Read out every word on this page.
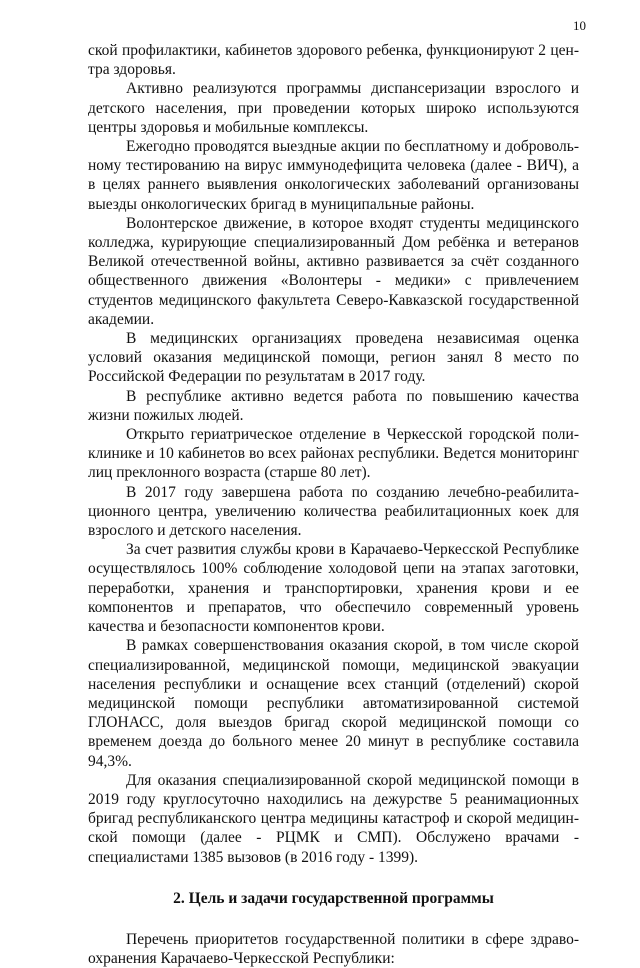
10

ской профилактики, кабинетов здорового ребенка, функционируют 2 центра здоровья.

Активно реализуются программы диспансеризации взрослого и детского населения, при проведении которых широко используются центры здоровья и мобильные комплексы.

Ежегодно проводятся выездные акции по бесплатному и добровольному тестированию на вирус иммунодефицита человека (далее - ВИЧ), а в целях раннего выявления онкологических заболеваний организованы выезды онкологических бригад в муниципальные районы.

Волонтерское движение, в которое входят студенты медицинского колледжа, курирующие специализированный Дом ребёнка и ветеранов Великой отечественной войны, активно развивается за счёт созданного общественного движения «Волонтеры - медики» с привлечением студентов медицинского факультета Северо-Кавказской государственной академии.

В медицинских организациях проведена независимая оценка условий оказания медицинской помощи, регион занял 8 место по Российской Федерации по результатам в 2017 году.

В республике активно ведется работа по повышению качества жизни пожилых людей.

Открыто гериатрическое отделение в Черкесской городской поликлинике и 10 кабинетов во всех районах республики. Ведется мониторинг лиц преклонного возраста (старше 80 лет).

В 2017 году завершена работа по созданию лечебно-реабилитационного центра, увеличению количества реабилитационных коек для взрослого и детского населения.

За счет развития службы крови в Карачаево-Черкесской Республике осуществлялось 100% соблюдение холодовой цепи на этапах заготовки, переработки, хранения и транспортировки, хранения крови и ее компонентов и препаратов, что обеспечило современный уровень качества и безопасности компонентов крови.

В рамках совершенствования оказания скорой, в том числе скорой специализированной, медицинской помощи, медицинской эвакуации населения республики и оснащение всех станций (отделений) скорой медицинской помощи республики автоматизированной системой ГЛОНАСС, доля выездов бригад скорой медицинской помощи со временем доезда до больного менее 20 минут в республике составила 94,3%.

Для оказания специализированной скорой медицинской помощи в 2019 году круглосуточно находились на дежурстве 5 реанимационных бригад республиканского центра медицины катастроф и скорой медицинской помощи (далее - РЦМК и СМП). Обслужено врачами - специалистами 1385 вызовов (в 2016 году - 1399).

2. Цель и задачи государственной программы

Перечень приоритетов государственной политики в сфере здравоохранения Карачаево-Черкесской Республики:
